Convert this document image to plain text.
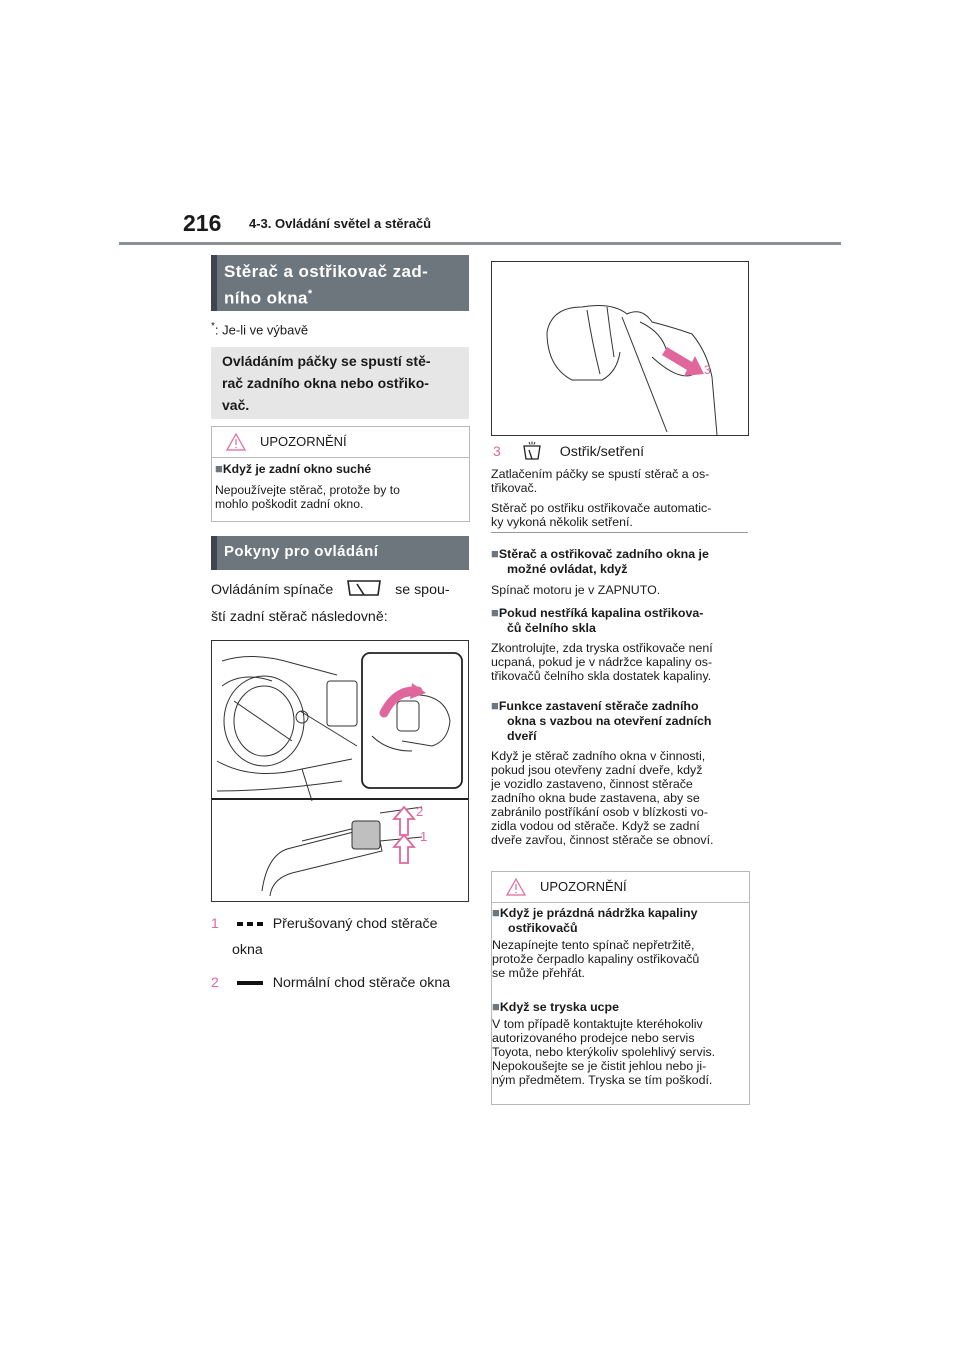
216 4-3. Ovládání světel a stěračů
Stěrač a ostřikovač zad-
ního okna*
*: Je-li ve výbavě
Ovládáním páčky se spustí stě-
rač zadního okna nebo ostřiko-
vač.
UPOZORNĚNÍ
■Když je zadní okno suché
Nepoužívejte stěrač, protože by to
mohlo poškodit zadní okno.
Pokyny pro ovládání
Ovládáním spínače	se spou-
ští zadní stěrač následovně:
2
1
1	Přerušovaný chod stěrače
okna
2	Normální chod stěrače okna
3
3	Ostřik/setření
Zatlačením páčky se spustí stěrač a os-
třikovač.
Stěrač po ostřiku ostřikovače automatic-
ky vykoná několik setření.
■Stěrač a ostřikovač zadního okna je
možné ovládat, když
Spínač motoru je v ZAPNUTO.
■Pokud nestříká kapalina ostřikova-
čů čelního skla
Zkontrolujte, zda tryska ostřikovače není
ucpaná, pokud je v nádržce kapaliny os-
třikovačů čelního skla dostatek kapaliny.
■Funkce zastavení stěrače zadního
okna s vazbou na otevření zadních
dveří
Když je stěrač zadního okna v činnosti,
pokud jsou otevřeny zadní dveře, když
je vozidlo zastaveno, činnost stěrače
zadního okna bude zastavena, aby se
zabránilo postříkání osob v blízkosti vo-
zidla vodou od stěrače. Když se zadní
dveře zavřou, činnost stěrače se obnoví.
UPOZORNĚNÍ
■Když je prázdná nádržka kapaliny
ostřikovačů
Nezapínejte tento spínač nepřetržitě,
protože čerpadlo kapaliny ostřikovačů
se může přehřát.
■Když se tryska ucpe
V tom případě kontaktujte kteréhokoliv
autorizovaného prodejce nebo servis
Toyota, nebo kterýkoliv spolehlivý servis.
Nepokoušejte se je čistit jehlou nebo ji-
ným předmětem. Tryska se tím poškodí.
